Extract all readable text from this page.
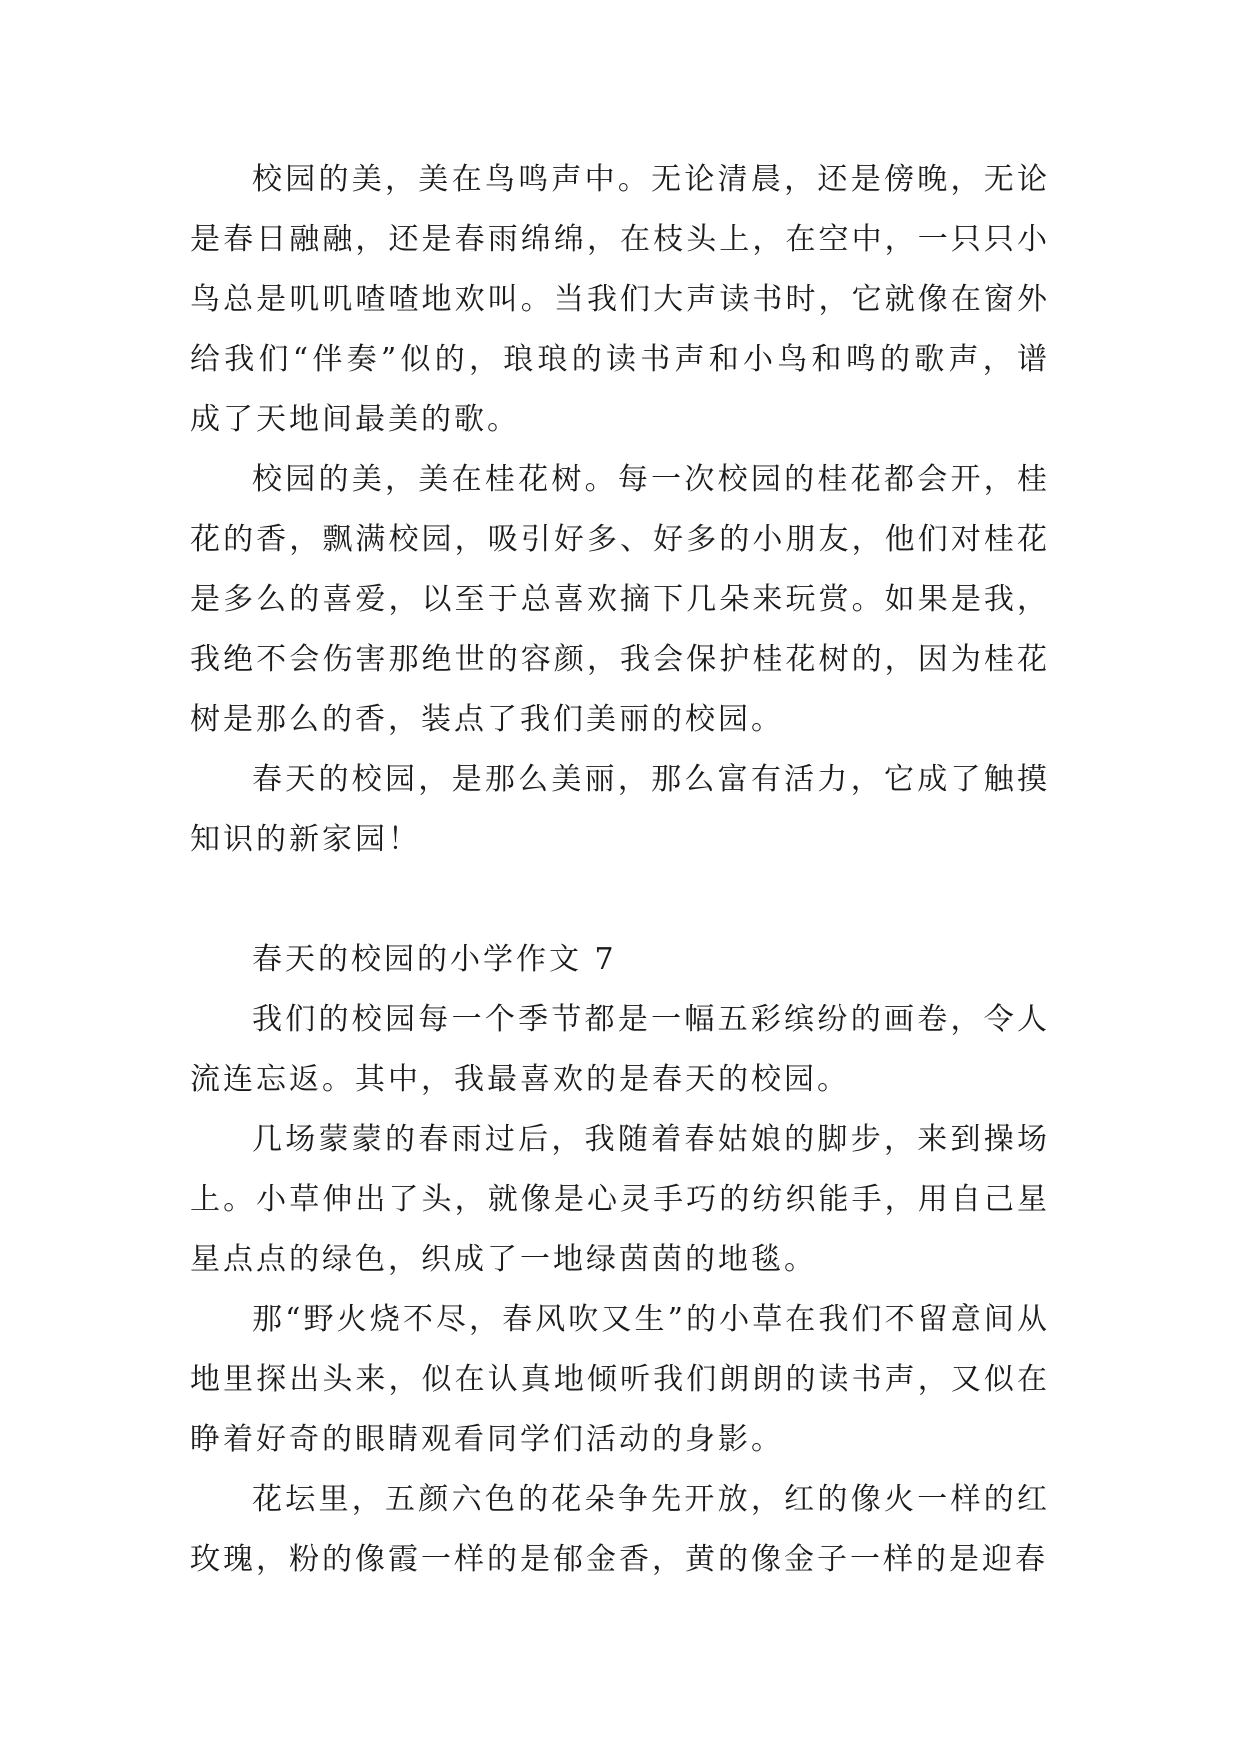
校园的美，美在鸟鸣声中。无论清晨，还是傍晚，无论是春日融融，还是春雨绵绵，在枝头上，在空中，一只只小鸟总是叽叽喳喳地欢叫。当我们大声读书时，它就像在窗外给我们“伴奏”似的，琅琅的读书声和小鸟和鸣的歌声，谱成了天地间最美的歌。

校园的美，美在桂花树。每一次校园的桂花都会开，桂花的香，飘满校园，吸引好多、好多的小朋友，他们对桂花是多么的喜爱，以至于总喜欢摘下几朵来玩赏。如果是我，我绝不会伤害那绝世的容颜，我会保护桂花树的，因为桂花树是那么的香，装点了我们美丽的校园。

春天的校园，是那么美丽，那么富有活力，它成了触摸知识的新家园！

春天的校园的小学作文 7

我们的校园每一个季节都是一幅五彩缤纷的画卷，令人流连忘返。其中，我最喜欢的是春天的校园。

几场蒙蒙的春雨过后，我随着春姑娘的脚步，来到操场上。小草伸出了头，就像是心灵手巧的纺织能手，用自己星星点点的绿色，织成了一地绿茵茵的地毯。

那“野火烧不尽，春风吹又生”的小草在我们不留意间从地里探出头来，似在认真地倾听我们朗朗的读书声，又似在睁着好奇的眼睛观看同学们活动的身影。

花坛里，五颜六色的花朵争先开放，红的像火一样的红玫瑰，粉的像霞一样的是郁金香，黄的像金子一样的是迎春
